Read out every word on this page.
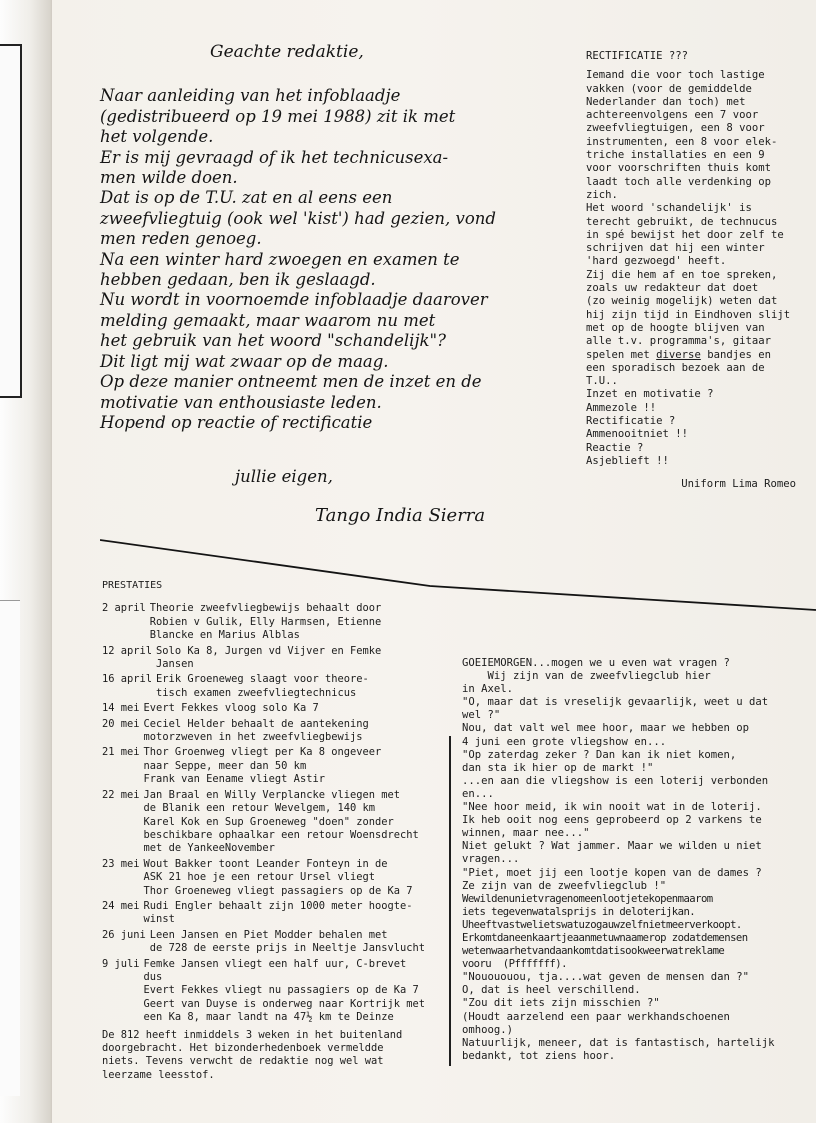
Geachte redaktie,
Naar aanleiding van het infoblaadje
(gedistribueerd op 19 mei 1988) zit ik met
het volgende.
Er is mij gevraagd of ik het technicusexa-
men wilde doen.
Dat is op de T.U. zat en al eens een
zweefvliegtuig (ook wel 'kist') had gezien, vond
men reden genoeg.
Na een winter hard zwoegen en examen te
hebben gedaan, ben ik geslaagd.
Nu wordt in voornoemde infoblaadje daarover
melding gemaakt, maar waarom nu met
het gebruik van het woord "schandelijk"?
Dit ligt mij wat zwaar op de maag.
Op deze manier ontneemt men de inzet en de
motivatie van enthousiaste leden.
Hopend op reactie of rectificatie
jullie eigen,
Tango India Sierra
RECTIFICATIE ???
Iemand die voor toch lastige
vakken (voor de gemiddelde
Nederlander dan toch) met
achtereenvolgens een 7 voor
zweefvliegtuigen, een 8 voor
instrumenten, een 8 voor elek-
triche installaties en een 9
voor voorschriften thuis komt
laadt toch alle verdenking op
zich.
Het woord 'schandelijk' is
terecht gebruikt, de technucus
in spé bewijst het door zelf te
schrijven dat hij een winter
'hard gezwoegd' heeft.
Zij die hem af en toe spreken,
zoals uw redakteur dat doet
(zo weinig mogelijk) weten dat
hij zijn tijd in Eindhoven slijt
met op de hoogte blijven van
alle t.v. programma's, gitaar
spelen met diverse bandjes en
een sporadisch bezoek aan de
T.U..
Inzet en motivatie ?
Ammezole !!
Rectificatie ?
Ammenooitniet !!
Reactie ?
Asjeblieft !!
Uniform Lima Romeo
PRESTATIES
2 april Theorie zweefvliegbewijs behaalt door
Robien v Gulik, Elly Harmsen, Etienne
Blancke en Marius Alblas
12 april Solo Ka 8, Jurgen vd Vijver en Femke
Jansen
16 april Erik Groeneweg slaagt voor theore-
tisch examen zweefvliegtechnicus
14 mei Evert Fekkes vloog solo Ka 7
20 mei Ceciel Helder behaalt de aantekening
motorzweven in het zweefvliegbewijs
21 mei Thor Groenweg vliegt per Ka 8 ongeveer
naar Seppe, meer dan 50 km
Frank van Eename vliegt Astir
22 mei Jan Braal en Willy Verplancke vliegen met
de Blanik een retour Wevelgem, 140 km
Karel Kok en Sup Groeneweg "doen" zonder
beschikbare ophaalkar een retour Woensdrecht
met de YankeeNovember
23 mei Wout Bakker toont Leander Fonteyn in de
ASK 21 hoe je een retour Ursel vliegt
Thor Groeneweg vliegt passagiers op de Ka 7
24 mei Rudi Engler behaalt zijn 1000 meter hoogte-
winst
26 juni Leen Jansen en Piet Modder behalen met
de 728 de eerste prijs in Neeltje Jansvlucht
9 juli Femke Jansen vliegt een half uur, C-brevet
dus
Evert Fekkes vliegt nu passagiers op de Ka 7
Geert van Duyse is onderweg naar Kortrijk met
een Ka 8, maar landt na 47½ km te Deinze
De 812 heeft inmiddels 3 weken in het buitenland
doorgebracht. Het bizonderhedenboek vermeldde
niets. Tevens verwcht de redaktie nog wel wat
leerzame leesstof.
GOEIEMORGEN...mogen we u even wat vragen ?
Wij zijn van de zweefvliegclub hier
in Axel.
"O, maar dat is vreselijk gevaarlijk, weet u dat
wel ?"
Nou, dat valt wel mee hoor, maar we hebben op
4 juni een grote vliegshow en...
"Op zaterdag zeker ? Dan kan ik niet komen,
dan sta ik hier op de markt !"
...en aan die vliegshow is een loterij verbonden
en...
"Nee hoor meid, ik win nooit wat in de loterij.
Ik heb ooit nog eens geprobeerd op 2 varkens te
winnen, maar nee..."
Niet gelukt ? Wat jammer. Maar we wilden u niet
vragen...
"Piet, moet jij een lootje kopen van de dames ?
Ze zijn van de zweefvliegclub !"
Wewildenunietvragenomeenlootjetekopenmaarom
iets tegevenwatalsprijs in deloterijkan.
Uheeftvastwelietswatuzogauwzelfnietmeerverkoopt.
Erkomtdaneenkaartjeaanmetuwnaamerop zodatdemensen
wetenwaarhetvandaankomtdatisookweerwatreklame
vooru  (Pfffffff).
"Nouououou, tja....wat geven de mensen dan ?"
O, dat is heel verschillend.
"Zou dit iets zijn misschien ?"
(Houdt aarzelend een paar werkhandschoenen
omhoog.)
Natuurlijk, meneer, dat is fantastisch, hartelijk
bedankt, tot ziens hoor.
